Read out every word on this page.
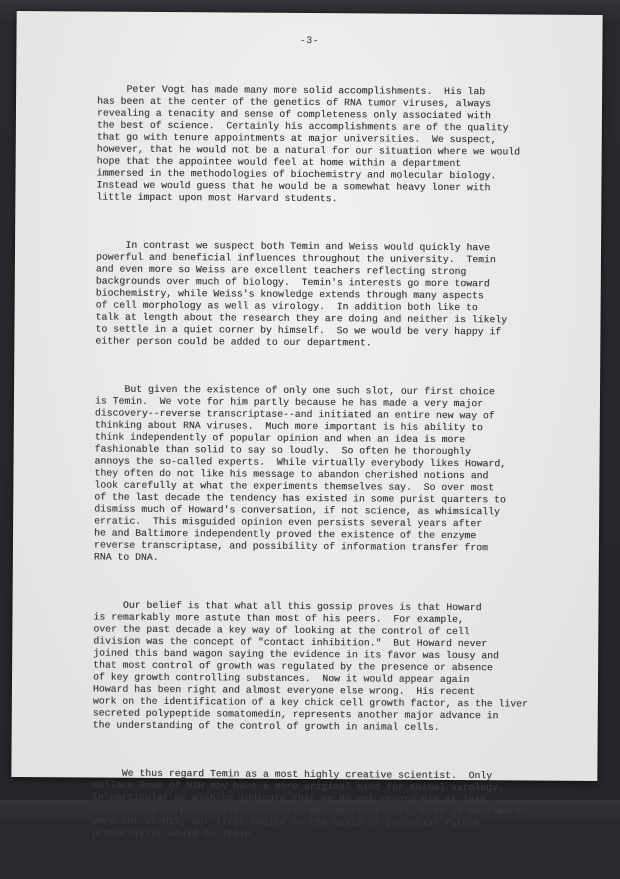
-3-

Peter Vogt has made many more solid accomplishments.  His lab
has been at the center of the genetics of RNA tumor viruses, always
revealing a tenacity and sense of completeness only associated with
the best of science.  Certainly his accomplishments are of the quality
that go with tenure appointments at major universities.  We suspect,
however, that he would not be a natural for our situation where we would
hope that the appointee would feel at home within a department
immersed in the methodologies of biochemistry and molecular biology.
Instead we would guess that he would be a somewhat heavy loner with
little impact upon most Harvard students.

In contrast we suspect both Temin and Weiss would quickly have
powerful and beneficial influences throughout the university.  Temin
and even more so Weiss are excellent teachers reflecting strong
backgrounds over much of biology.  Temin's interests go more toward
biochemistry, while Weiss's knowledge extends through many aspects
of cell morphology as well as virology.  In addition both like to
talk at length about the research they are doing and neither is likely
to settle in a quiet corner by himself.  So we would be very happy if
either person could be added to our department.

But given the existence of only one such slot, our first choice
is Temin.  We vote for him partly because he has made a very major
discovery--reverse transcriptase--and initiated an entire new way of
thinking about RNA viruses.  Much more important is his ability to
think independently of popular opinion and when an idea is more
fashionable than solid to say so loudly.  So often he thoroughly
annoys the so-called experts.  While virtually everybody likes Howard,
they often do not like his message to abandon cherished notions and
look carefully at what the experiments themselves say.  So over most
of the last decade the tendency has existed in some purist quarters to
dismiss much of Howard's conversation, if not science, as whimsically
erratic.  This misguided opinion even persists several years after
he and Baltimore independently proved the existence of the enzyme
reverse transcriptase, and possibility of information transfer from
RNA to DNA.

Our belief is that what all this gossip proves is that Howard
is remarkably more astute than most of his peers.  For example,
over the past decade a key way of looking at the control of cell
division was the concept of "contact inhibition."  But Howard never
joined this band wagon saying the evidence in its favor was lousy and
that most control of growth was regulated by the presence or absence
of key growth controlling substances.  Now it would appear again
Howard has been right and almost everyone else wrong.  His recent
work on the identification of a key chick cell growth factor, as the liver
secreted polypeptide somatomedin, represents another major advance in
the understanding of the control of growth in animal cells.

We thus regard Temin as a most highly creative scientist.  Only
Wallace Rowe of NIH may have a more original mind for animal virology.
In particular we wish to indicate that we do not regard him as less
imaginative or productive than David Baltimore of MIT.  Even if Baltimore
were not at MIT, our first choice on the basis of potential future
productivity would be Temin.
